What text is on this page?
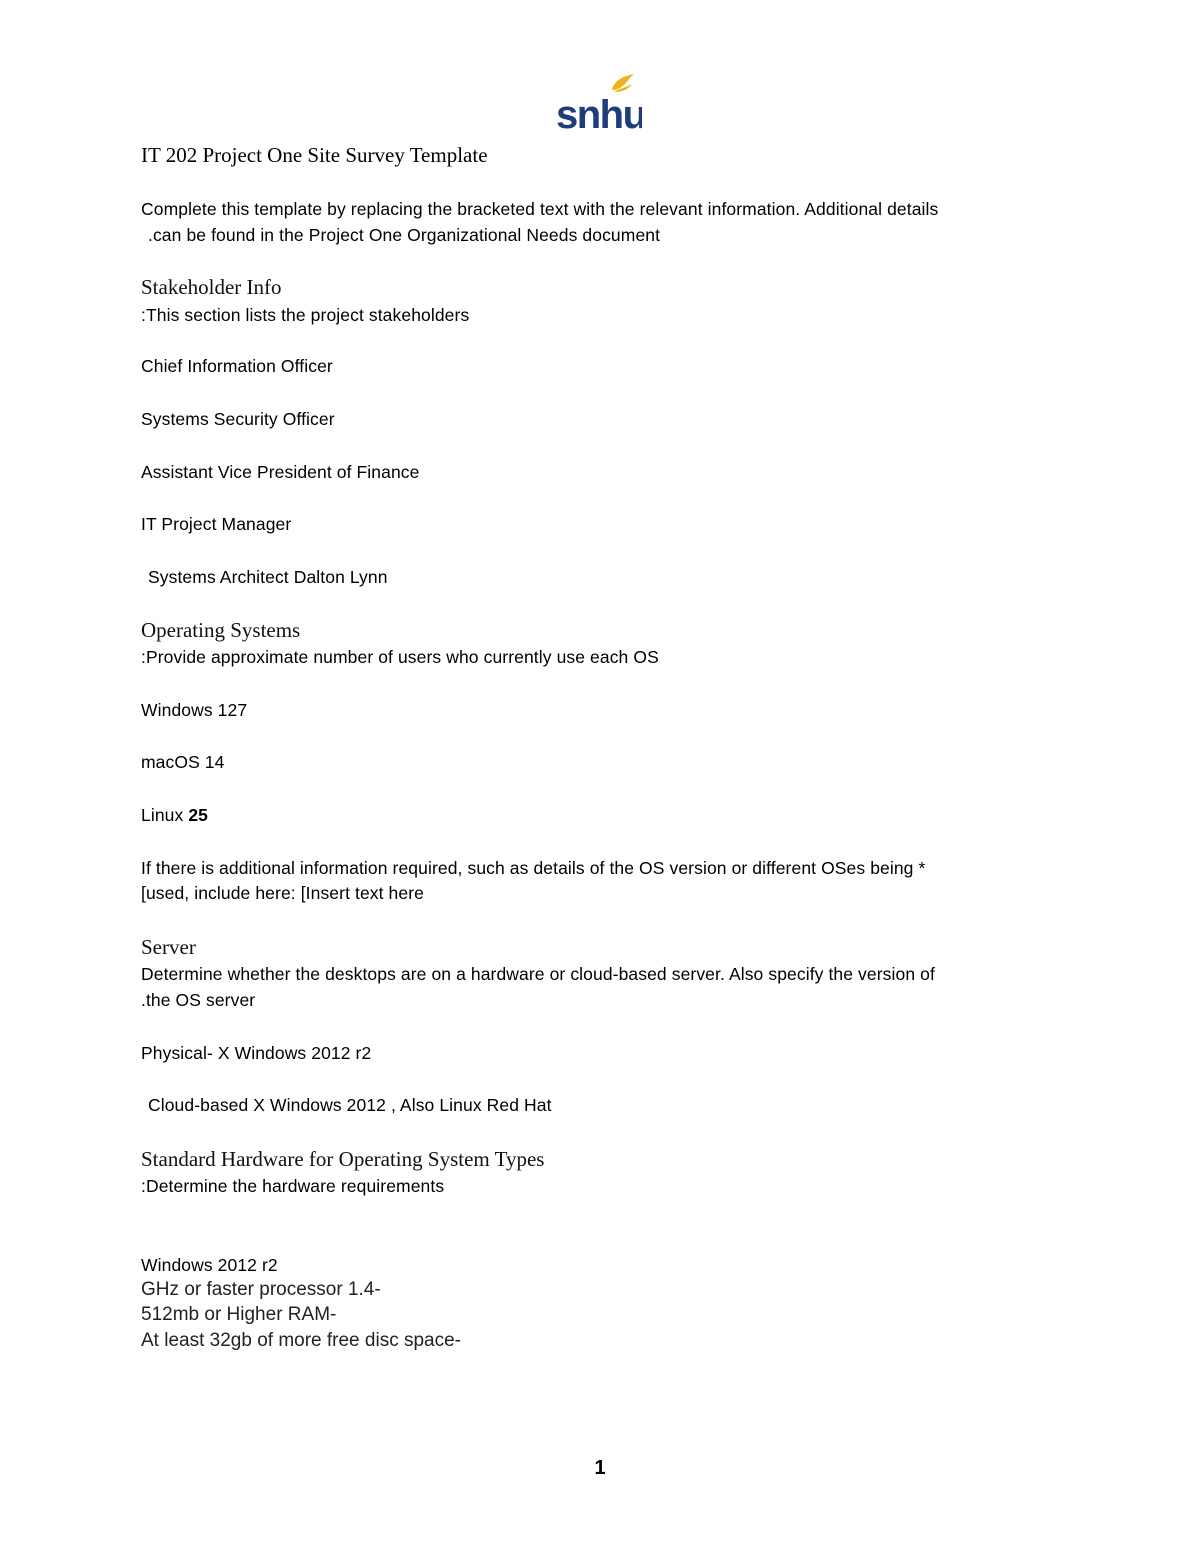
snhu
IT 202 Project One Site Survey Template
Complete this template by replacing the bracketed text with the relevant information. Additional details
.can be found in the Project One Organizational Needs document
Stakeholder Info
:This section lists the project stakeholders
Chief Information Officer
Systems Security Officer
Assistant Vice President of Finance
IT Project Manager
Systems Architect Dalton Lynn
Operating Systems
:Provide approximate number of users who currently use each OS
Windows 127
macOS 14
Linux 25
If there is additional information required, such as details of the OS version or different OSes being *
[used, include here: [Insert text here
Server
Determine whether the desktops are on a hardware or cloud-based server. Also specify the version of
.the OS server
Physical- X Windows 2012 r2
Cloud-based X Windows 2012 , Also Linux Red Hat
Standard Hardware for Operating System Types
:Determine the hardware requirements
Windows 2012 r2
GHz or faster processor 1.4-
512mb or Higher RAM-
At least 32gb of more free disc space-
1
